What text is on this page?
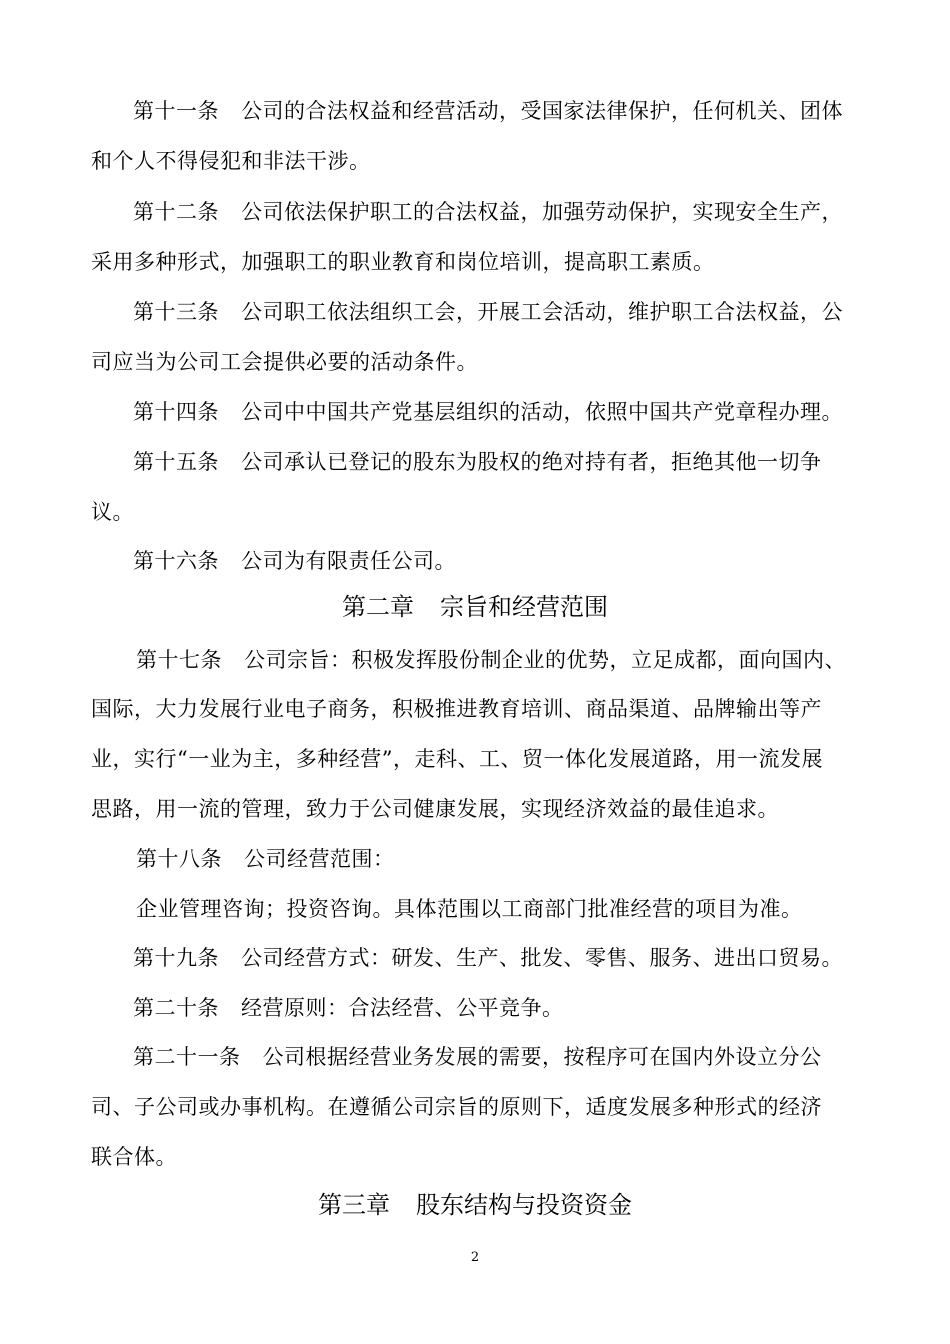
第十一条 公司的合法权益和经营活动，受国家法律保护，任何机关、团体
和个人不得侵犯和非法干涉。
第十二条 公司依法保护职工的合法权益，加强劳动保护，实现安全生产，
采用多种形式，加强职工的职业教育和岗位培训，提高职工素质。
第十三条 公司职工依法组织工会，开展工会活动，维护职工合法权益，公
司应当为公司工会提供必要的活动条件。
第十四条 公司中中国共产党基层组织的活动，依照中国共产党章程办理。
第十五条 公司承认已登记的股东为股权的绝对持有者，拒绝其他一切争
议。
第十六条 公司为有限责任公司。
第二章 宗旨和经营范围
第十七条 公司宗旨：积极发挥股份制企业的优势，立足成都，面向国内、
国际，大力发展行业电子商务，积极推进教育培训、商品渠道、品牌输出等产
业，实行“一业为主，多种经营”，走科、工、贸一体化发展道路，用一流发展
思路，用一流的管理，致力于公司健康发展，实现经济效益的最佳追求。
第十八条 公司经营范围：
企业管理咨询；投资咨询。具体范围以工商部门批准经营的项目为准。
第十九条 公司经营方式：研发、生产、批发、零售、服务、进出口贸易。
第二十条 经营原则：合法经营、公平竞争。
第二十一条 公司根据经营业务发展的需要，按程序可在国内外设立分公
司、子公司或办事机构。在遵循公司宗旨的原则下，适度发展多种形式的经济
联合体。
第三章 股东结构与投资资金
2
